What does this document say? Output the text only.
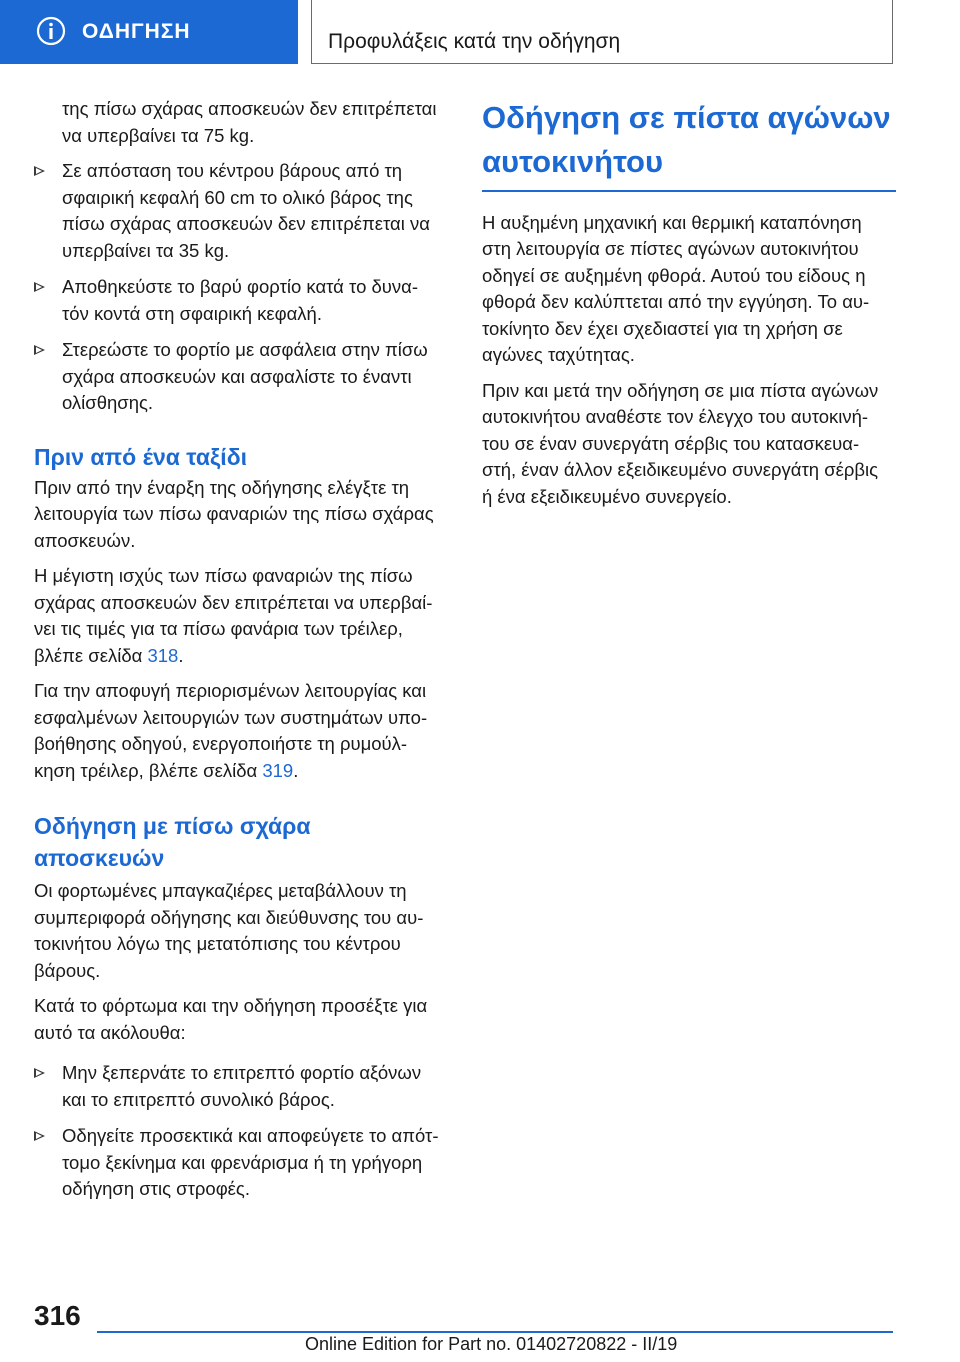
ΟΔΗΓΗΣΗ	Προφυλάξεις κατά την οδήγηση

της πίσω σχάρας αποσκευών δεν επιτρέπεται

να υπερβαίνει τα 75 kg.

Σε απόσταση του κέντρου βάρους από τη

σφαιρική κεφαλή 60 cm το ολικό βάρος της

πίσω σχάρας αποσκευών δεν επιτρέπεται να

υπερβαίνει τα 35 kg.

Αποθηκεύστε το βαρύ φορτίο κατά το δυνα-

τόν κοντά στη σφαιρική κεφαλή.

Στερεώστε το φορτίο με ασφάλεια στην πίσω

σχάρα αποσκευών και ασφαλίστε το έναντι

ολίσθησης.

Πριν από ένα ταξίδι

Πριν από την έναρξη της οδήγησης ελέγξτε τη

λειτουργία των πίσω φαναριών της πίσω σχάρας

αποσκευών.

Η μέγιστη ισχύς των πίσω φαναριών της πίσω

σχάρας αποσκευών δεν επιτρέπεται να υπερβαί-

νει τις τιμές για τα πίσω φανάρια των τρέιλερ,

βλέπε σελίδα 318.

Για την αποφυγή περιορισμένων λειτουργίας και

εσφαλμένων λειτουργιών των συστημάτων υπο-

βοήθησης οδηγού, ενεργοποιήστε τη ρυμούλ-

κηση τρέιλερ, βλέπε σελίδα 319.

Οδήγηση με πίσω σχάρα
αποσκευών

Οι φορτωμένες μπαγκαζιέρες μεταβάλλουν τη

συμπεριφορά οδήγησης και διεύθυνσης του αυ-

τοκινήτου λόγω της μετατόπισης του κέντρου

βάρους.

Κατά το φόρτωμα και την οδήγηση προσέξτε για

αυτό τα ακόλουθα:

Μην ξεπερνάτε το επιτρεπτό φορτίο αξόνων

και το επιτρεπτό συνολικό βάρος.

Οδηγείτε προσεκτικά και αποφεύγετε το απότ-

τομο ξεκίνημα και φρενάρισμα ή τη γρήγορη

οδήγηση στις στροφές.

Οδήγηση σε πίστα αγώνων
αυτοκινήτου

Η αυξημένη μηχανική και θερμική καταπόνηση

στη λειτουργία σε πίστες αγώνων αυτοκινήτου

οδηγεί σε αυξημένη φθορά. Αυτού του είδους η

φθορά δεν καλύπτεται από την εγγύηση. Το αυ-

τοκίνητο δεν έχει σχεδιαστεί για τη χρήση σε

αγώνες ταχύτητας.

Πριν και μετά την οδήγηση σε μια πίστα αγώνων

αυτοκινήτου αναθέστε τον έλεγχο του αυτοκινή-

του σε έναν συνεργάτη σέρβις του κατασκευα-

στή, έναν άλλον εξειδικευμένο συνεργάτη σέρβις

ή ένα εξειδικευμένο συνεργείο.

316
Online Edition for Part no. 01402720822 - II/19
